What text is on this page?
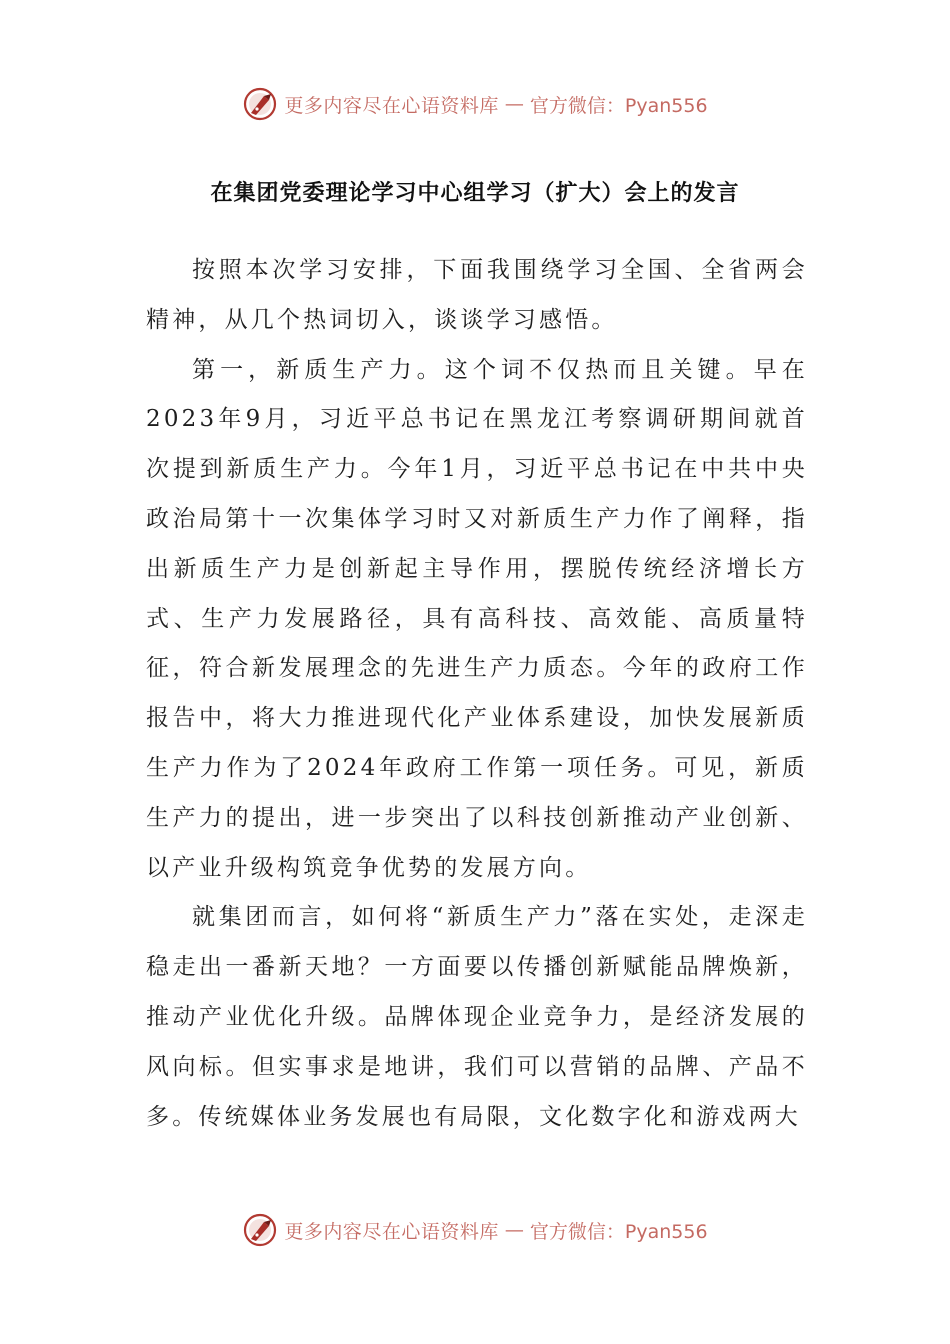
更多内容尽在心语资料库 — 官方微信：Pyan556
在集团党委理论学习中心组学习（扩大）会上的发言

按照本次学习安排，下面我围绕学习全国、全省两会精神，从几个热词切入，谈谈学习感悟。

第一，新质生产力。这个词不仅热而且关键。早在2023年9月，习近平总书记在黑龙江考察调研期间就首次提到新质生产力。今年1月，习近平总书记在中共中央政治局第十一次集体学习时又对新质生产力作了阐释，指出新质生产力是创新起主导作用，摆脱传统经济增长方式、生产力发展路径，具有高科技、高效能、高质量特征，符合新发展理念的先进生产力质态。今年的政府工作报告中，将大力推进现代化产业体系建设，加快发展新质生产力作为了2024年政府工作第一项任务。可见，新质生产力的提出，进一步突出了以科技创新推动产业创新、以产业升级构筑竞争优势的发展方向。

就集团而言，如何将“新质生产力”落在实处，走深走稳走出一番新天地？一方面要以传播创新赋能品牌焕新，推动产业优化升级。品牌体现企业竞争力，是经济发展的风向标。但实事求是地讲，我们可以营销的品牌、产品不多。传统媒体业务发展也有局限，文化数字化和游戏两大

更多内容尽在心语资料库 — 官方微信：Pyan556
